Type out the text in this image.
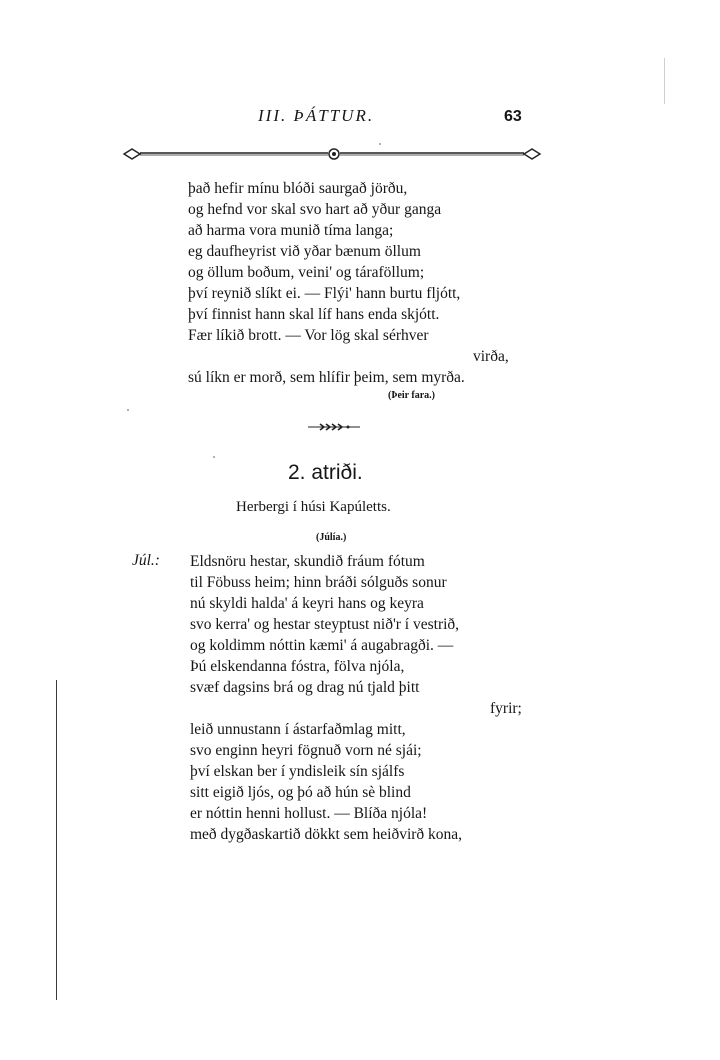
III. ÞÁTTUR.	63
það hefir mínu blóði saurgað jörðu,
og hefnd vor skal svo hart að yður ganga
að harma vora munið tíma langa;
eg daufheyrist við yðar bænum öllum
og öllum boðum, veini' og táraföllum;
því reynið slíkt ei. — Flýi' hann burtu fljótt,
því finnist hann skal líf hans enda skjótt.
Fær líkið brott. — Vor lög skal sérhver
virða,
sú líkn er morð, sem hlífir þeim, sem myrða.
(Þeir fara.)
2. atriði.
Herbergi í húsi Kapúletts.
(Júlía.)
Júl.: Eldsnöru hestar, skundið fráum fótum
til Föbuss heim; hinn bráði sólguðs sonur
nú skyldi halda' á keyri hans og keyra
svo kerra' og hestar steyptust nið'r í vestrið,
og koldimm nóttin kæmi' á augabragði. —
Þú elskendanna fóstra, fölva njóla,
svæf dagsins brá og drag nú tjald þitt
fyrir;
leið unnustann í ástarfaðmlag mitt,
svo enginn heyri fögnuð vorn né sjái;
því elskan ber í yndisleik sín sjálfs
sitt eigið ljós, og þó að hún sè blind
er nóttin henni hollust. — Blíða njóla!
með dygðaskartið dökkt sem heiðvirð kona,
